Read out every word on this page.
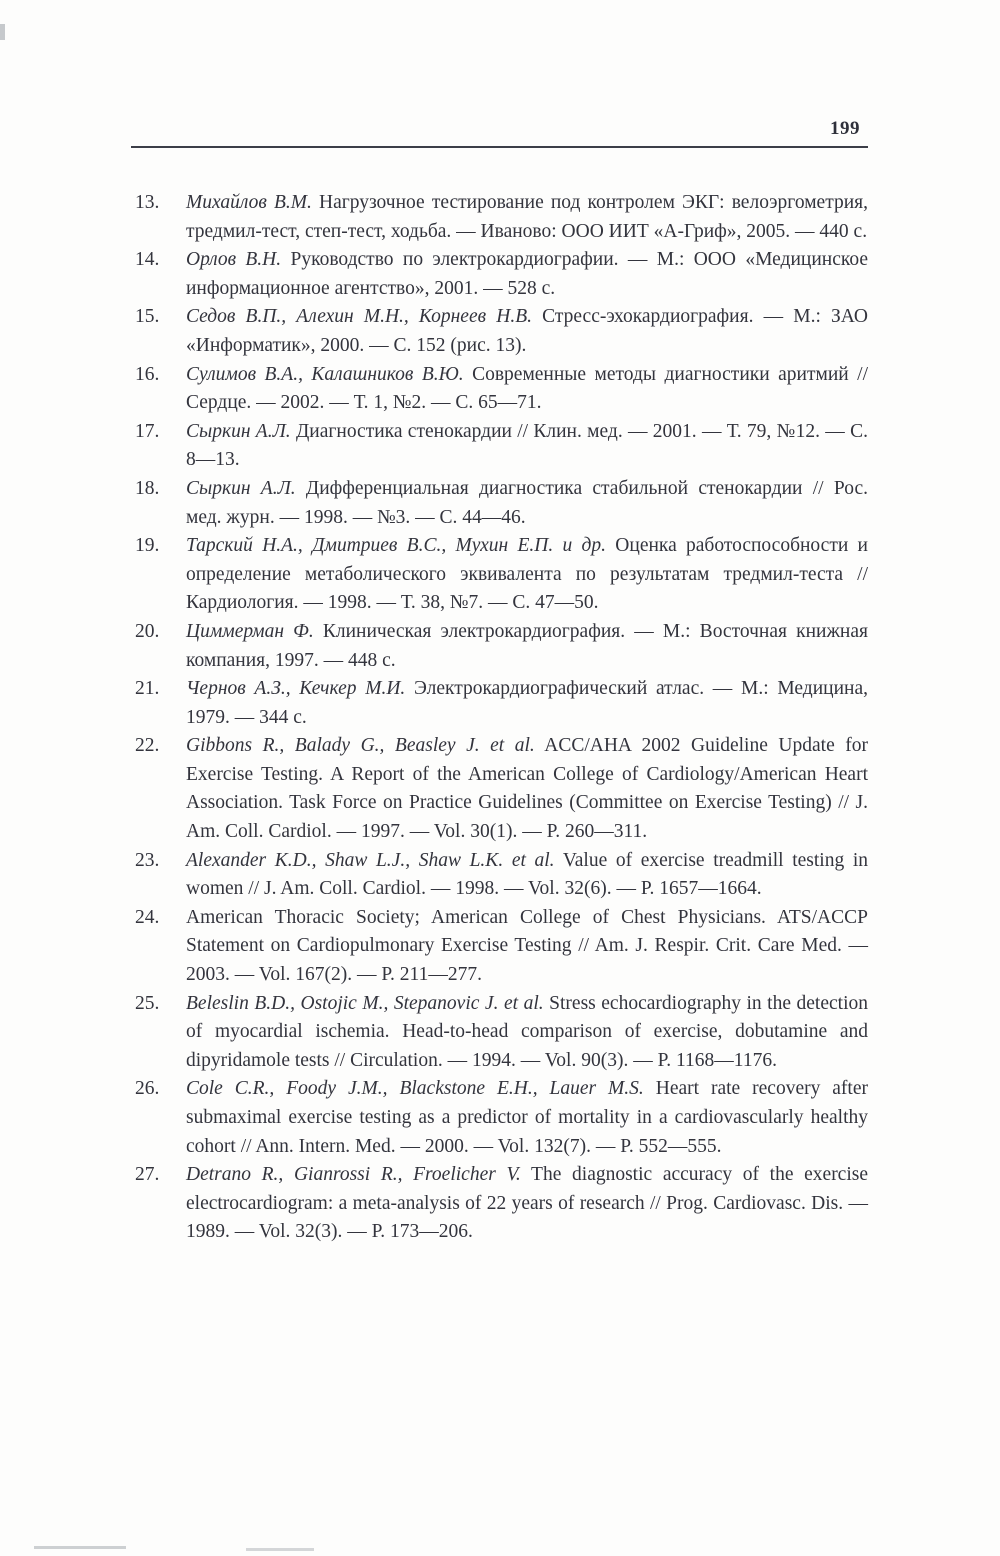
199
13.	Михайлов В.М. Нагрузочное тестирование под контролем ЭКГ: велоэргометрия, тредмил-тест, степ-тест, ходьба. — Иваново: ООО ИИТ «А-Гриф», 2005. — 440 с.
14.	Орлов В.Н. Руководство по электрокардиографии. — М.: ООО «Медицинское информационное агентство», 2001. — 528 с.
15.	Седов В.П., Алехин М.Н., Корнеев Н.В. Стресс-эхокардиография. — М.: ЗАО «Информатик», 2000. — С. 152 (рис. 13).
16.	Сулимов В.А., Калашников В.Ю. Современные методы диагностики аритмий // Сердце. — 2002. — Т. 1, №2. — С. 65—71.
17.	Сыркин А.Л. Диагностика стенокардии // Клин. мед. — 2001. — Т. 79, №12. — С. 8—13.
18.	Сыркин А.Л. Дифференциальная диагностика стабильной стенокардии // Рос. мед. журн. — 1998. — №3. — С. 44—46.
19.	Тарский Н.А., Дмитриев В.С., Мухин Е.П. и др. Оценка работоспособности и определение метаболического эквивалента по результатам тредмил-теста // Кардиология. — 1998. — Т. 38, №7. — С. 47—50.
20.	Циммерман Ф. Клиническая электрокардиография. — М.: Восточная книжная компания, 1997. — 448 с.
21.	Чернов А.З., Кечкер М.И. Электрокардиографический атлас. — М.: Медицина, 1979. — 344 с.
22.	Gibbons R., Balady G., Beasley J. et al. ACC/AHA 2002 Guideline Update for Exercise Testing. A Report of the American College of Cardiology/American Heart Association. Task Force on Practice Guidelines (Committee on Exercise Testing) // J. Am. Coll. Cardiol. — 1997. — Vol. 30(1). — P. 260—311.
23.	Alexander K.D., Shaw L.J., Shaw L.K. et al. Value of exercise treadmill testing in women // J. Am. Coll. Cardiol. — 1998. — Vol. 32(6). — P. 1657—1664.
24.	American Thoracic Society; American College of Chest Physicians. ATS/ACCP Statement on Cardiopulmonary Exercise Testing // Am. J. Respir. Crit. Care Med. — 2003. — Vol. 167(2). — P. 211—277.
25.	Beleslin B.D., Ostojic M., Stepanovic J. et al. Stress echocardiography in the detection of myocardial ischemia. Head-to-head comparison of exercise, dobutamine and dipyridamole tests // Circulation. — 1994. — Vol. 90(3). — P. 1168—1176.
26.	Cole C.R., Foody J.M., Blackstone E.H., Lauer M.S. Heart rate recovery after submaximal exercise testing as a predictor of mortality in a cardiovascularly healthy cohort // Ann. Intern. Med. — 2000. — Vol. 132(7). — P. 552—555.
27.	Detrano R., Gianrossi R., Froelicher V. The diagnostic accuracy of the exercise electrocardiogram: a meta-analysis of 22 years of research // Prog. Cardiovasc. Dis. — 1989. — Vol. 32(3). — P. 173—206.
